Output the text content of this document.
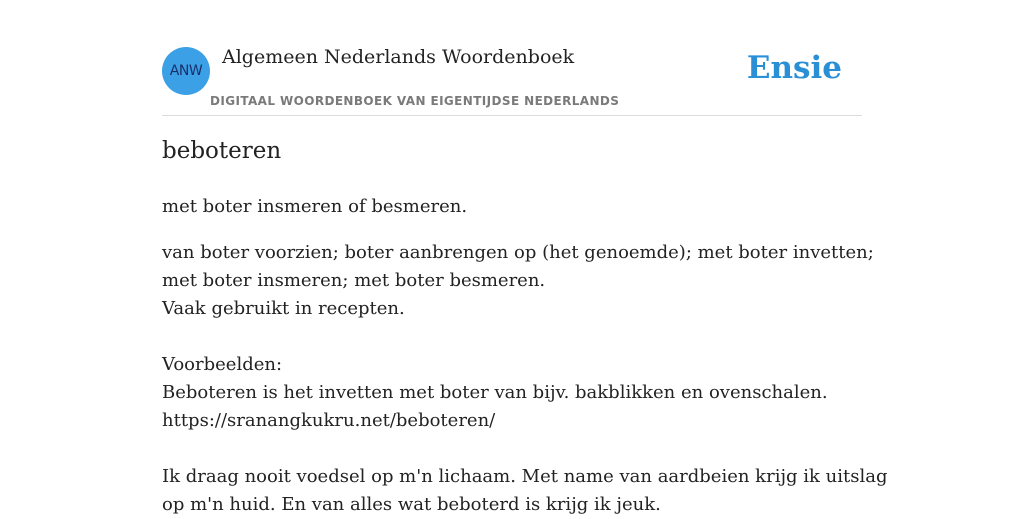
ANW
Algemeen Nederlands Woordenboek
DIGITAAL WOORDENBOEK VAN EIGENTIJDSE NEDERLANDS
Ensie
beboteren
met boter insmeren of besmeren.
van boter voorzien; boter aanbrengen op (het genoemde); met boter invetten;
met boter insmeren; met boter besmeren.
Vaak gebruikt in recepten.
Voorbeelden:
Beboteren is het invetten met boter van bijv. bakblikken en ovenschalen.
https://sranangkukru.net/beboteren/
Ik draag nooit voedsel op m'n lichaam. Met name van aardbeien krijg ik uitslag
op m'n huid. En van alles wat beboterd is krijg ik jeuk.
